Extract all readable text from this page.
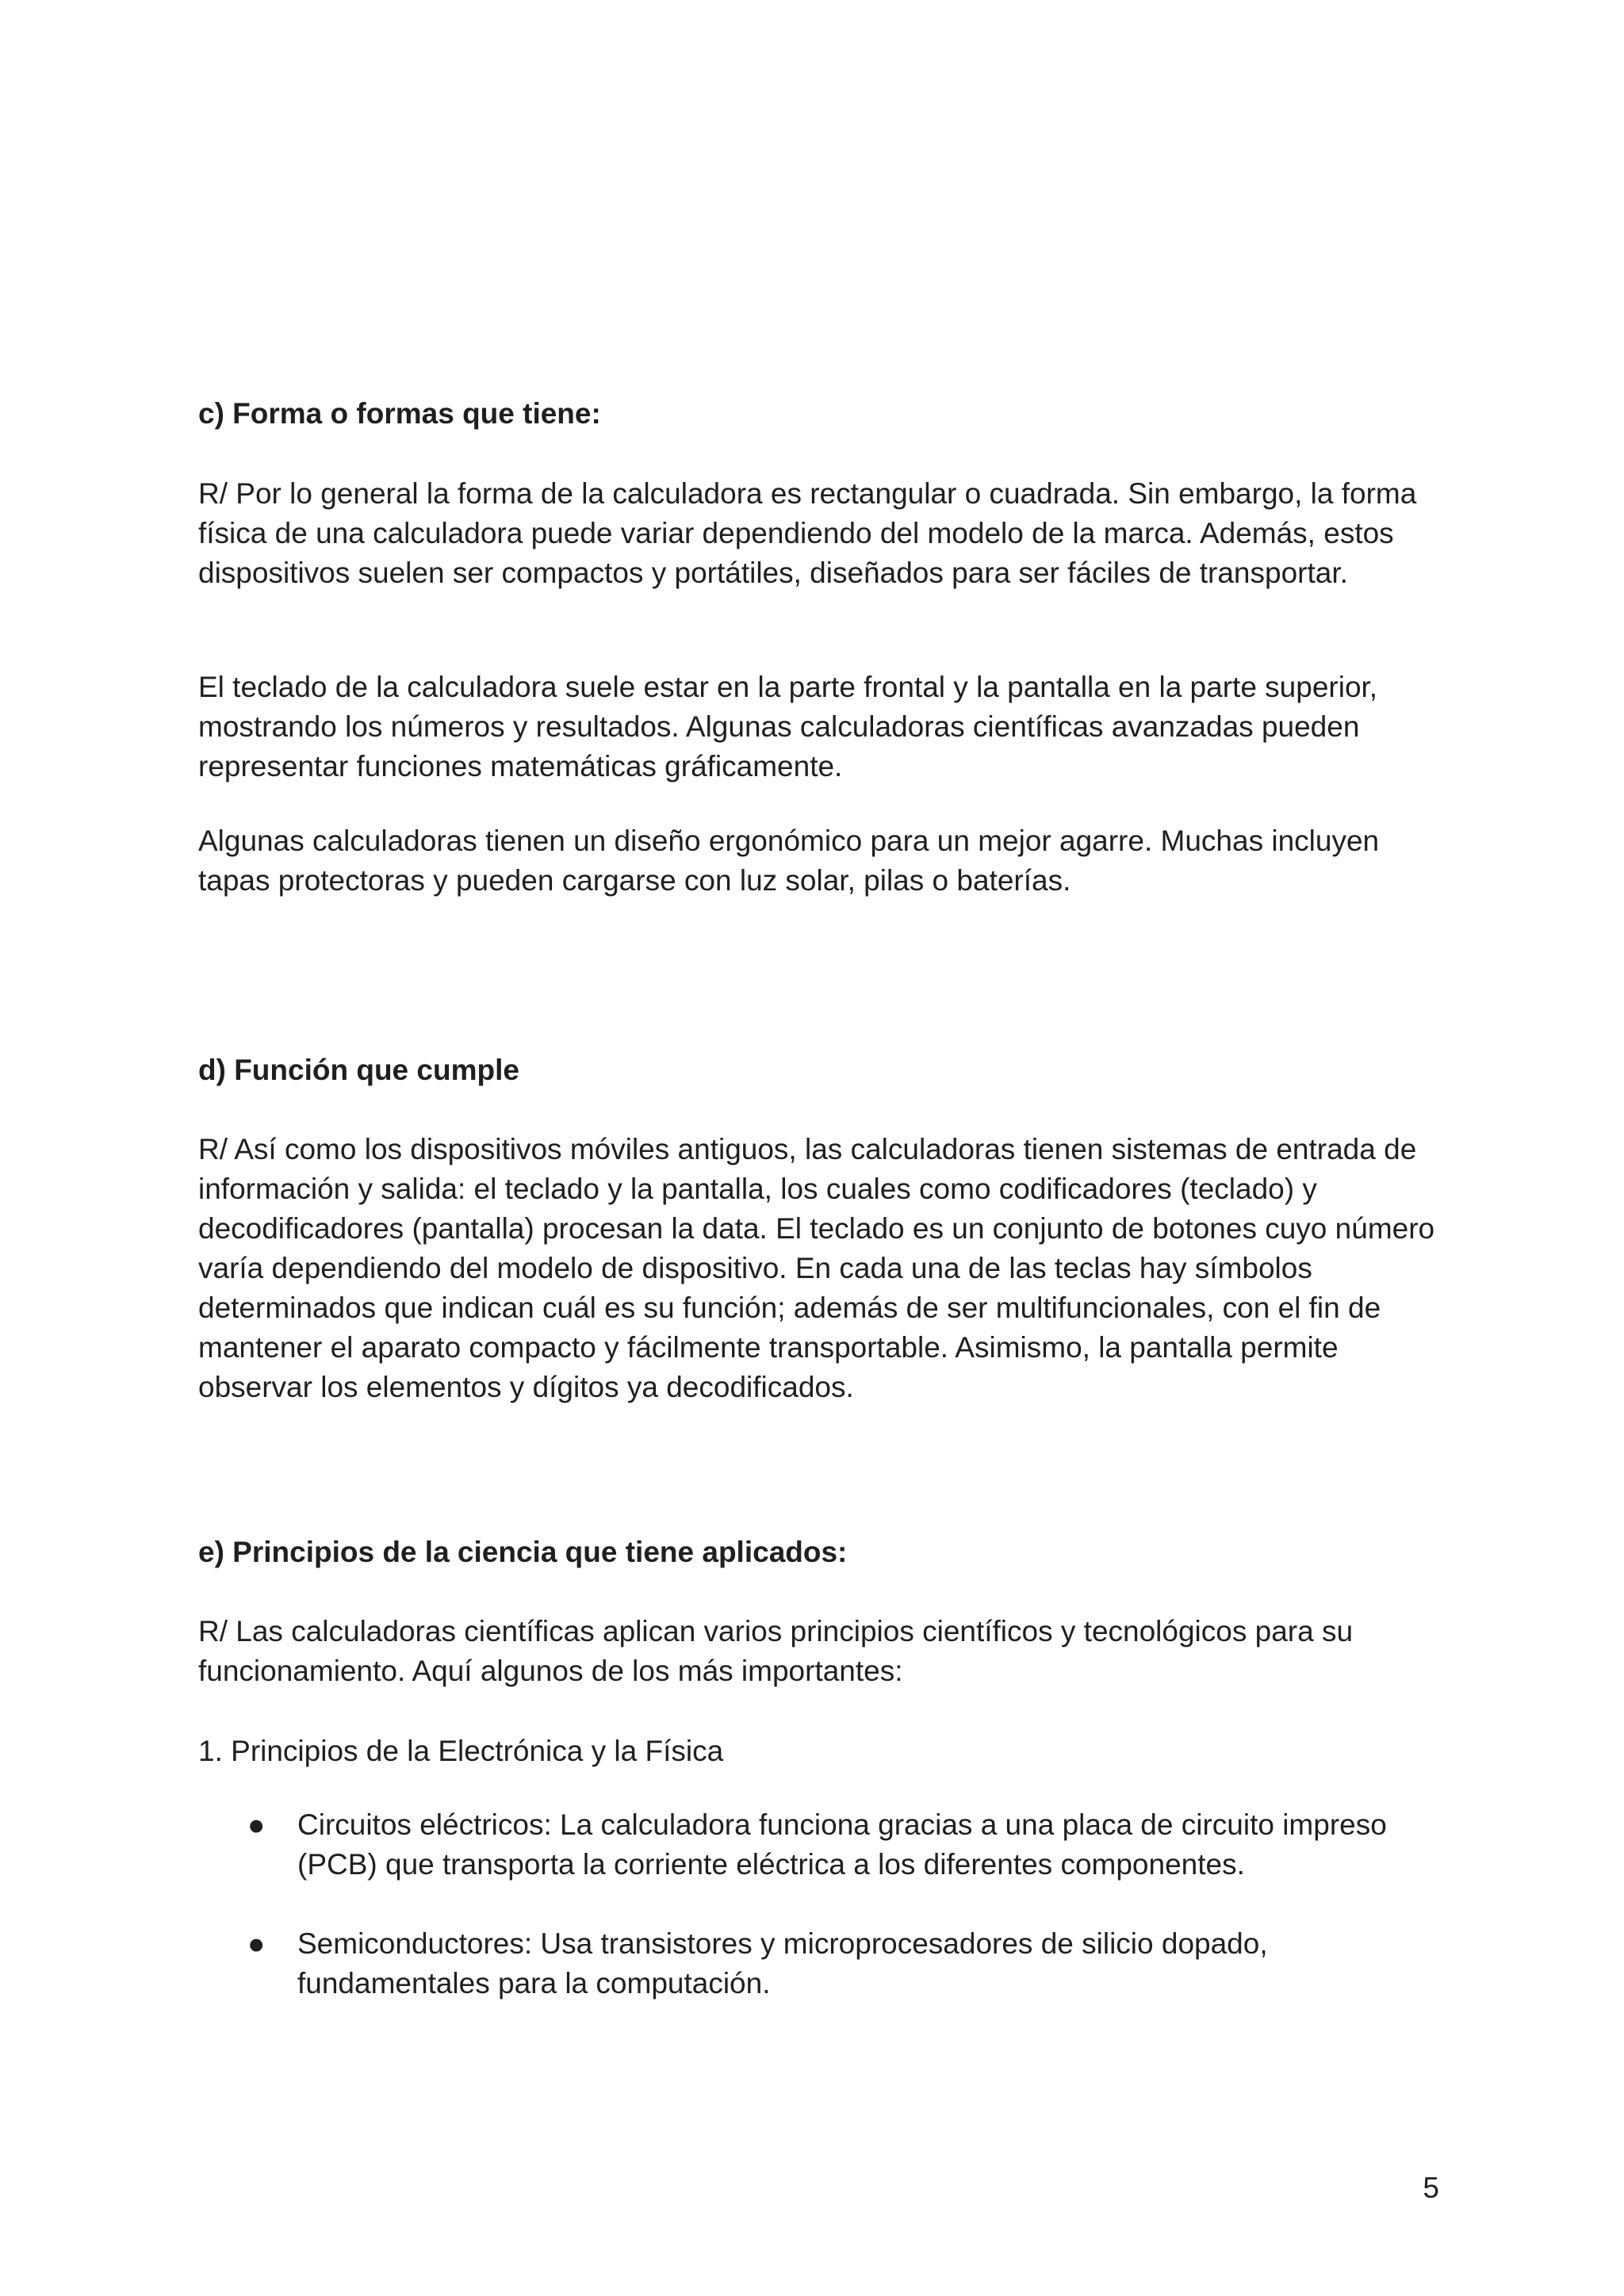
c) Forma o formas que tiene:

R/ Por lo general la forma de la calculadora es rectangular o cuadrada. Sin embargo, la forma física de una calculadora puede variar dependiendo del modelo de la marca. Además, estos dispositivos suelen ser compactos y portátiles, diseñados para ser fáciles de transportar.

El teclado de la calculadora suele estar en la parte frontal y la pantalla en la parte superior, mostrando los números y resultados. Algunas calculadoras científicas avanzadas pueden representar funciones matemáticas gráficamente.

Algunas calculadoras tienen un diseño ergonómico para un mejor agarre. Muchas incluyen tapas protectoras y pueden cargarse con luz solar, pilas o baterías.

d) Función que cumple

R/ Así como los dispositivos móviles antiguos, las calculadoras tienen sistemas de entrada de información y salida: el teclado y la pantalla, los cuales como codificadores (teclado) y decodificadores (pantalla) procesan la data. El teclado es un conjunto de botones cuyo número varía dependiendo del modelo de dispositivo. En cada una de las teclas hay símbolos determinados que indican cuál es su función; además de ser multifuncionales, con el fin de mantener el aparato compacto y fácilmente transportable. Asimismo, la pantalla permite observar los elementos y dígitos ya decodificados.

e) Principios de la ciencia que tiene aplicados:

R/ Las calculadoras científicas aplican varios principios científicos y tecnológicos para su funcionamiento. Aquí algunos de los más importantes:

1. Principios de la Electrónica y la Física
● Circuitos eléctricos: La calculadora funciona gracias a una placa de circuito impreso (PCB) que transporta la corriente eléctrica a los diferentes componentes.
● Semiconductores: Usa transistores y microprocesadores de silicio dopado, fundamentales para la computación.
5
